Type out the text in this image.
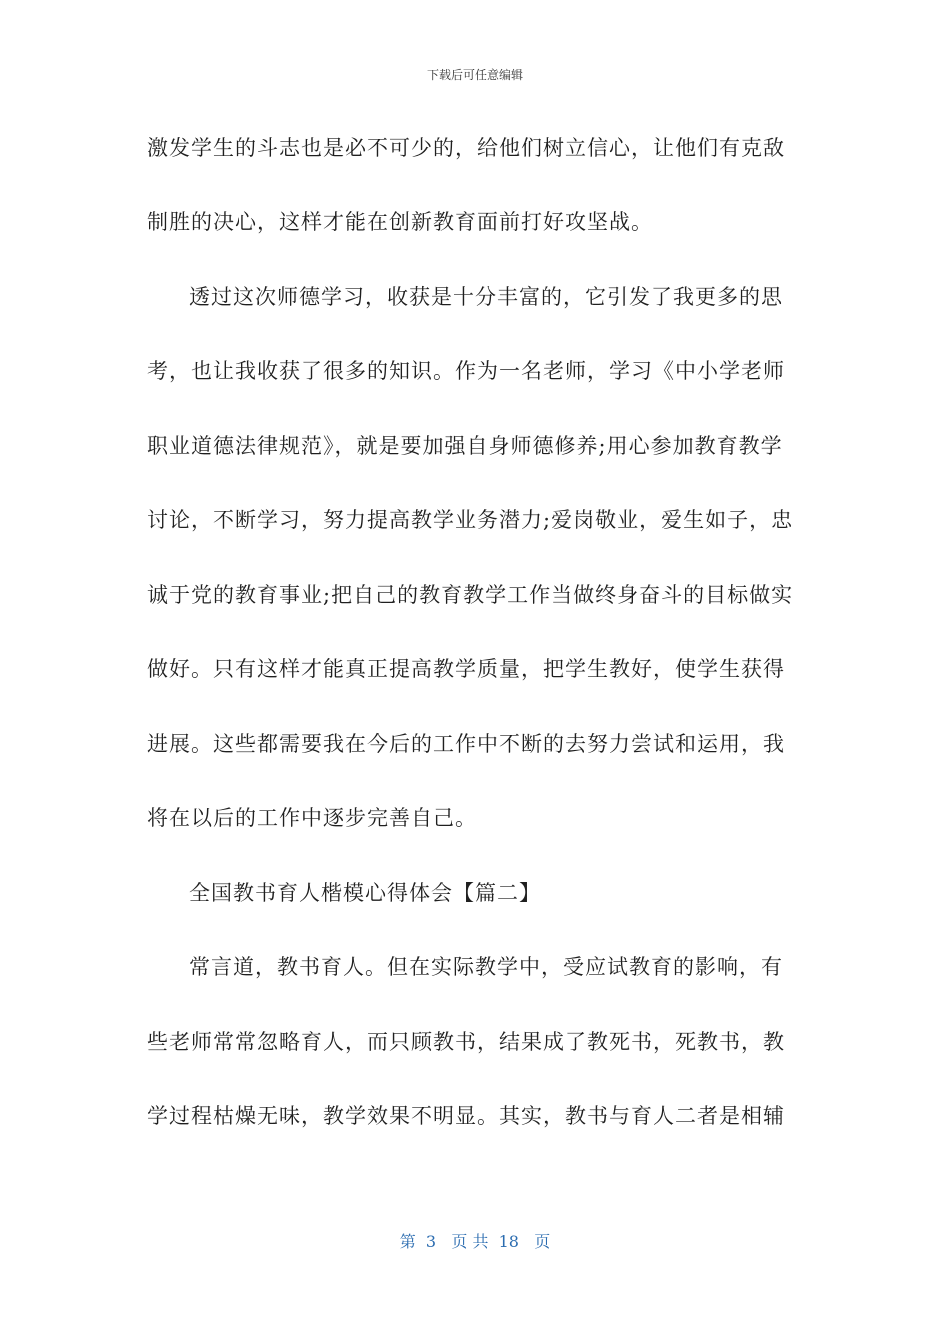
下载后可任意编辑
激发学生的斗志也是必不可少的，给他们树立信心，让他们有克敌
制胜的决心，这样才能在创新教育面前打好攻坚战。
透过这次师德学习，收获是十分丰富的，它引发了我更多的思
考，也让我收获了很多的知识。作为一名老师，学习《中小学老师
职业道德法律规范》，就是要加强自身师德修养;用心参加教育教学
讨论，不断学习，努力提高教学业务潜力;爱岗敬业，爱生如子，忠
诚于党的教育事业;把自己的教育教学工作当做终身奋斗的目标做实
做好。只有这样才能真正提高教学质量，把学生教好，使学生获得
进展。这些都需要我在今后的工作中不断的去努力尝试和运用，我
将在以后的工作中逐步完善自己。
全国教书育人楷模心得体会【篇二】
常言道，教书育人。但在实际教学中，受应试教育的影响，有
些老师常常忽略育人，而只顾教书，结果成了教死书，死教书，教
学过程枯燥无味，教学效果不明显。其实，教书与育人二者是相辅
第  3   页 共  18   页
